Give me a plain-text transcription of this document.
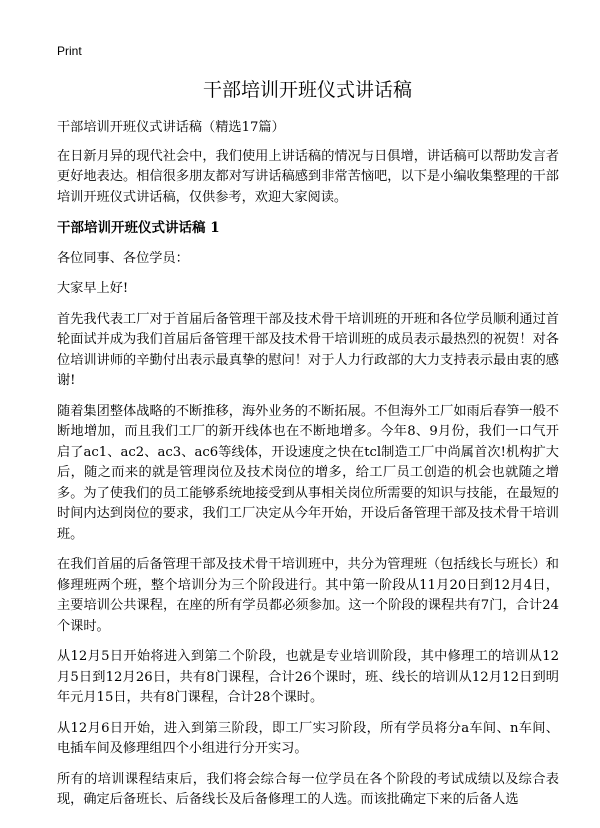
Print
干部培训开班仪式讲话稿

干部培训开班仪式讲话稿（精选17篇）

在日新月异的现代社会中，我们使用上讲话稿的情况与日俱增，讲话稿可以帮助发言者更好地表达。相信很多朋友都对写讲话稿感到非常苦恼吧，以下是小编收集整理的干部培训开班仪式讲话稿，仅供参考，欢迎大家阅读。

干部培训开班仪式讲话稿 1

各位同事、各位学员：

大家早上好!

首先我代表工厂对于首届后备管理干部及技术骨干培训班的开班和各位学员顺利通过首轮面试并成为我们首届后备管理干部及技术骨干培训班的成员表示最热烈的祝贺！对各位培训讲师的辛勤付出表示最真挚的慰问！对于人力行政部的大力支持表示最由衷的感谢!

随着集团整体战略的不断推移，海外业务的不断拓展。不但海外工厂如雨后春笋一般不断地增加，而且我们工厂的新开线体也在不断地增多。今年8、9月份，我们一口气开启了ac1、ac2、ac3、ac6等线体，开设速度之快在tcl制造工厂中尚属首次!机构扩大后，随之而来的就是管理岗位及技术岗位的增多，给工厂员工创造的机会也就随之增多。为了使我们的员工能够系统地接受到从事相关岗位所需要的知识与技能，在最短的时间内达到岗位的要求，我们工厂决定从今年开始，开设后备管理干部及技术骨干培训班。

在我们首届的后备管理干部及技术骨干培训班中，共分为管理班（包括线长与班长）和修理班两个班，整个培训分为三个阶段进行。其中第一阶段从11月20日到12月4日，主要培训公共课程，在座的所有学员都必须参加。这一个阶段的课程共有7门，合计24个课时。

从12月5日开始将进入到第二个阶段，也就是专业培训阶段，其中修理工的培训从12月5日到12月26日，共有8门课程，合计26个课时，班、线长的培训从12月12日到明年元月15日，共有8门课程，合计28个课时。

从12月6日开始，进入到第三阶段，即工厂实习阶段，所有学员将分a车间、n车间、电插车间及修理组四个小组进行分开实习。

所有的培训课程结束后，我们将会综合每一位学员在各个阶段的考试成绩以及综合表现，确定后备班长、后备线长及后备修理工的人选。而该批确定下来的后备人选
